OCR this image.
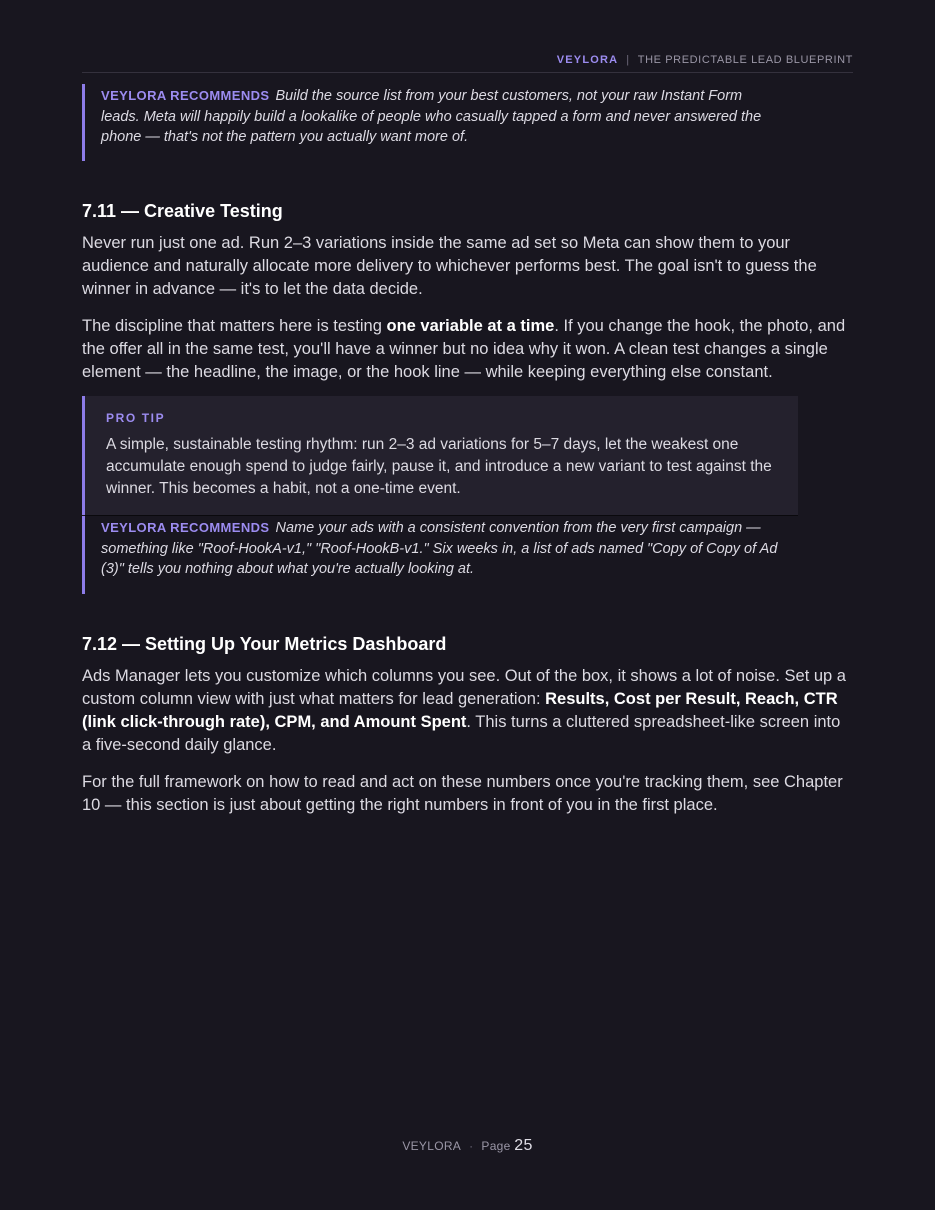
VEYLORA | THE PREDICTABLE LEAD BLUEPRINT
VEYLORA RECOMMENDS Build the source list from your best customers, not your raw Instant Form leads. Meta will happily build a lookalike of people who casually tapped a form and never answered the phone — that's not the pattern you actually want more of.
7.11 — Creative Testing

Never run just one ad. Run 2–3 variations inside the same ad set so Meta can show them to your audience and naturally allocate more delivery to whichever performs best. The goal isn't to guess the winner in advance — it's to let the data decide.

The discipline that matters here is testing one variable at a time. If you change the hook, the photo, and the offer all in the same test, you'll have a winner but no idea why it won. A clean test changes a single element — the headline, the image, or the hook line — while keeping everything else constant.

PRO TIP
A simple, sustainable testing rhythm: run 2–3 ad variations for 5–7 days, let the weakest one accumulate enough spend to judge fairly, pause it, and introduce a new variant to test against the winner. This becomes a habit, not a one-time event.
VEYLORA RECOMMENDS Name your ads with a consistent convention from the very first campaign — something like "Roof-HookA-v1," "Roof-HookB-v1." Six weeks in, a list of ads named "Copy of Copy of Ad (3)" tells you nothing about what you're actually looking at.
7.12 — Setting Up Your Metrics Dashboard

Ads Manager lets you customize which columns you see. Out of the box, it shows a lot of noise. Set up a custom column view with just what matters for lead generation: Results, Cost per Result, Reach, CTR (link click-through rate), CPM, and Amount Spent. This turns a cluttered spreadsheet-like screen into a five-second daily glance.

For the full framework on how to read and act on these numbers once you're tracking them, see Chapter 10 — this section is just about getting the right numbers in front of you in the first place.

VEYLORA · Page 25
